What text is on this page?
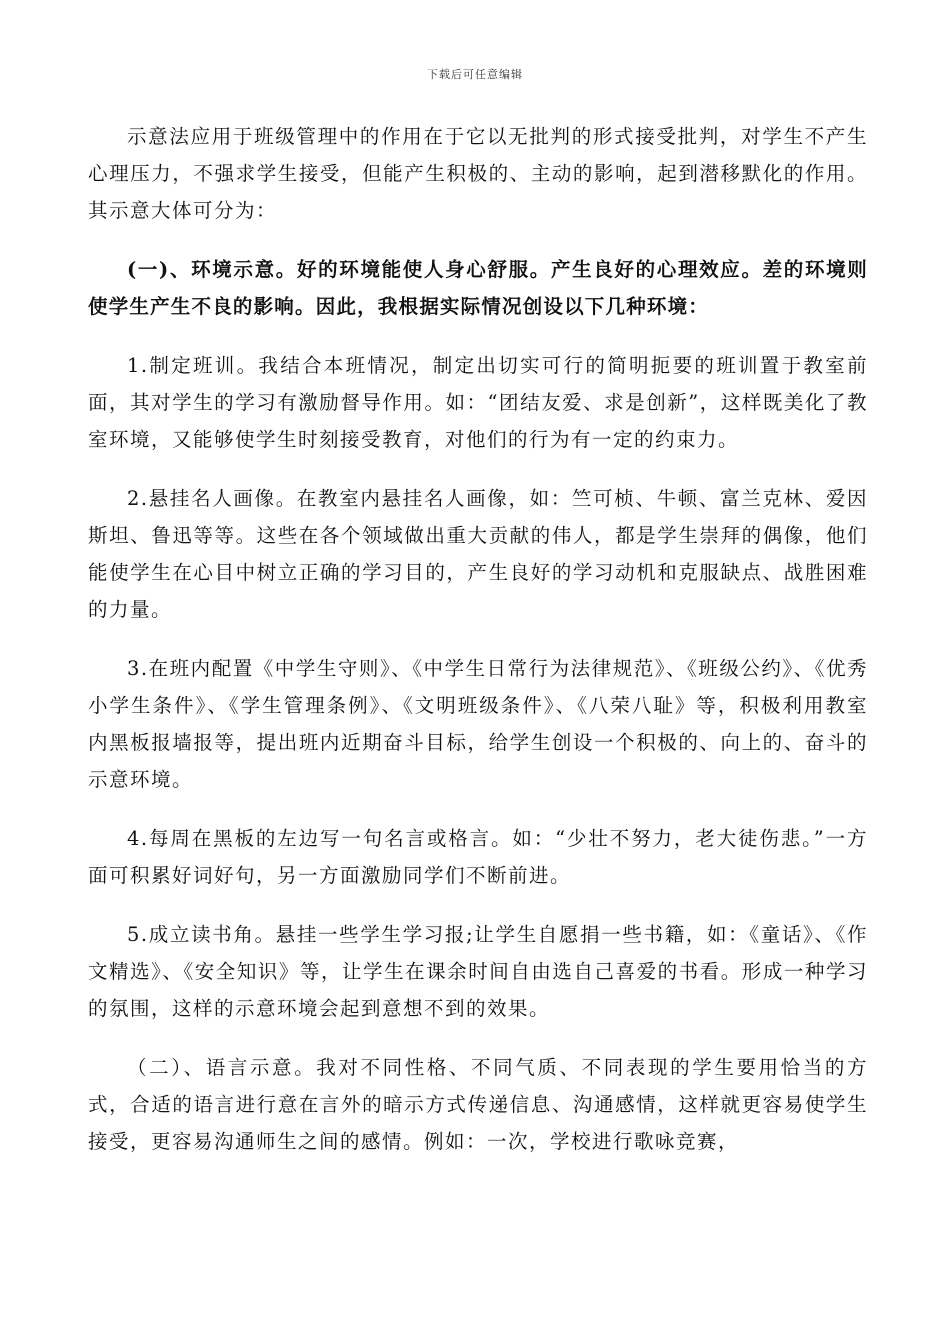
下载后可任意编辑

示意法应用于班级管理中的作用在于它以无批判的形式接受批判，对学生不产生心理压力，不强求学生接受，但能产生积极的、主动的影响，起到潜移默化的作用。其示意大体可分为：

(一)、环境示意。好的环境能使人身心舒服。产生良好的心理效应。差的环境则使学生产生不良的影响。因此，我根据实际情况创设以下几种环境：

1.制定班训。我结合本班情况，制定出切实可行的简明扼要的班训置于教室前面，其对学生的学习有激励督导作用。如：“团结友爱、求是创新”，这样既美化了教室环境，又能够使学生时刻接受教育，对他们的行为有一定的约束力。

2.悬挂名人画像。在教室内悬挂名人画像，如：竺可桢、牛顿、富兰克林、爱因斯坦、鲁迅等等。这些在各个领域做出重大贡献的伟人，都是学生崇拜的偶像，他们能使学生在心目中树立正确的学习目的，产生良好的学习动机和克服缺点、战胜困难的力量。

3.在班内配置《中学生守则》、《中学生日常行为法律规范》、《班级公约》、《优秀小学生条件》、《学生管理条例》、《文明班级条件》、《八荣八耻》等，积极利用教室内黑板报墙报等，提出班内近期奋斗目标，给学生创设一个积极的、向上的、奋斗的示意环境。

4.每周在黑板的左边写一句名言或格言。如：“少壮不努力，老大徒伤悲。”一方面可积累好词好句，另一方面激励同学们不断前进。

5.成立读书角。悬挂一些学生学习报;让学生自愿捐一些书籍，如：《童话》、《作文精选》、《安全知识》等，让学生在课余时间自由选自己喜爱的书看。形成一种学习的氛围，这样的示意环境会起到意想不到的效果。

（二）、语言示意。我对不同性格、不同气质、不同表现的学生要用恰当的方式，合适的语言进行意在言外的暗示方式传递信息、沟通感情，这样就更容易使学生接受，更容易沟通师生之间的感情。例如：一次，学校进行歌咏竞赛，
